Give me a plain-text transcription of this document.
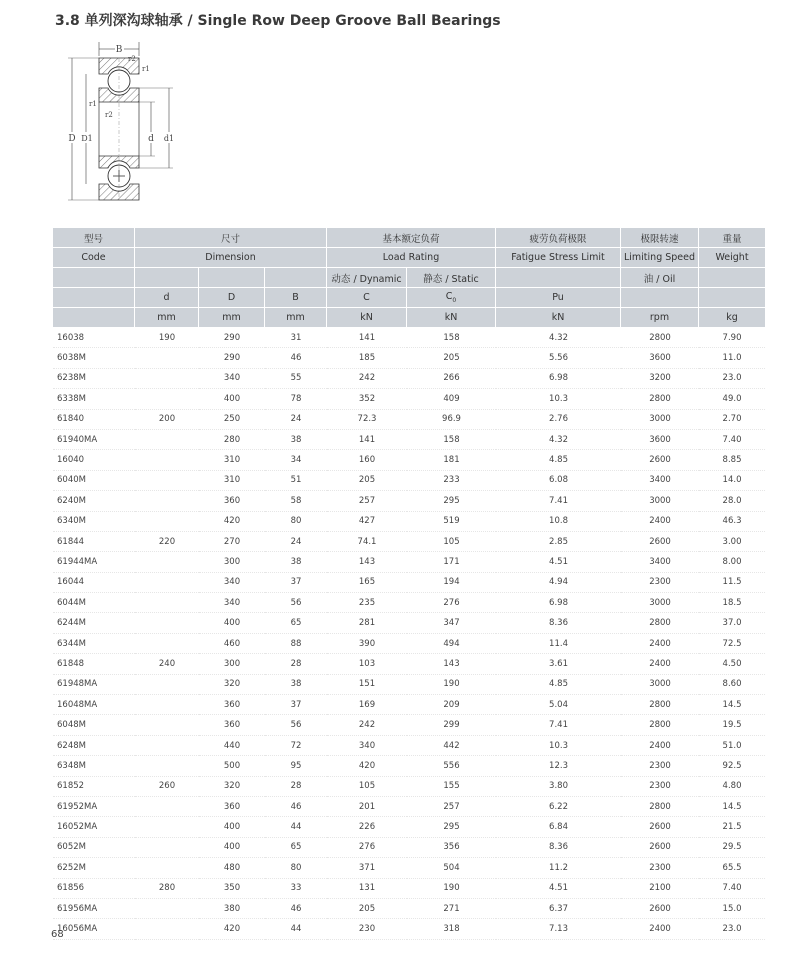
3.8 单列深沟球轴承 / Single Row Deep Groove Ball Bearings
B
r1
r1
r2
D D1	d d1
型号	尺寸			基本额定负荷		疲劳负荷极限	极限转速	重量
Code	Dimension			Load Rating		Fatigue Stress Limit	Limiting Speed	Weight
				动态 / Dynamic	静态 / Static		油 / Oil	
	d	D	B	C	$C_0$	Pu		
	mm	mm	mm	kN	kN	kN	rpm	kg
16038	190	290	31	141	158	4.32	2800	7.90
6038M		290	46	185	205	5.56	3600	11.0
6238M		340	55	242	266	6.98	3200	23.0
6338M		400	78	352	409	10.3	2800	49.0
61840	200	250	24	72.3	96.9	2.76	3000	2.70
61940MA		280	38	141	158	4.32	3600	7.40
16040		310	34	160	181	4.85	2600	8.85
6040M		310	51	205	233	6.08	3400	14.0
6240M		360	58	257	295	7.41	3000	28.0
6340M		420	80	427	519	10.8	2400	46.3
61844	220	270	24	74.1	105	2.85	2600	3.00
61944MA		300	38	143	171	4.51	3400	8.00
16044		340	37	165	194	4.94	2300	11.5
6044M		340	56	235	276	6.98	3000	18.5
6244M		400	65	281	347	8.36	2800	37.0
6344M		460	88	390	494	11.4	2400	72.5
61848	240	300	28	103	143	3.61	2400	4.50
61948MA		320	38	151	190	4.85	3000	8.60
16048MA		360	37	169	209	5.04	2800	14.5
6048M		360	56	242	299	7.41	2800	19.5
6248M		440	72	340	442	10.3	2400	51.0
6348M		500	95	420	556	12.3	2300	92.5
61852	260	320	28	105	155	3.80	2300	4.80
61952MA		360	46	201	257	6.22	2800	14.5
16052MA		400	44	226	295	6.84	2600	21.5
6052M		400	65	276	356	8.36	2600	29.5
6252M		480	80	371	504	11.2	2300	65.5
61856	280	350	33	131	190	4.51	2100	7.40
61956MA		380	46	205	271	6.37	2600	15.0
16056MA		420	44	230	318	7.13	2400	23.0
68
